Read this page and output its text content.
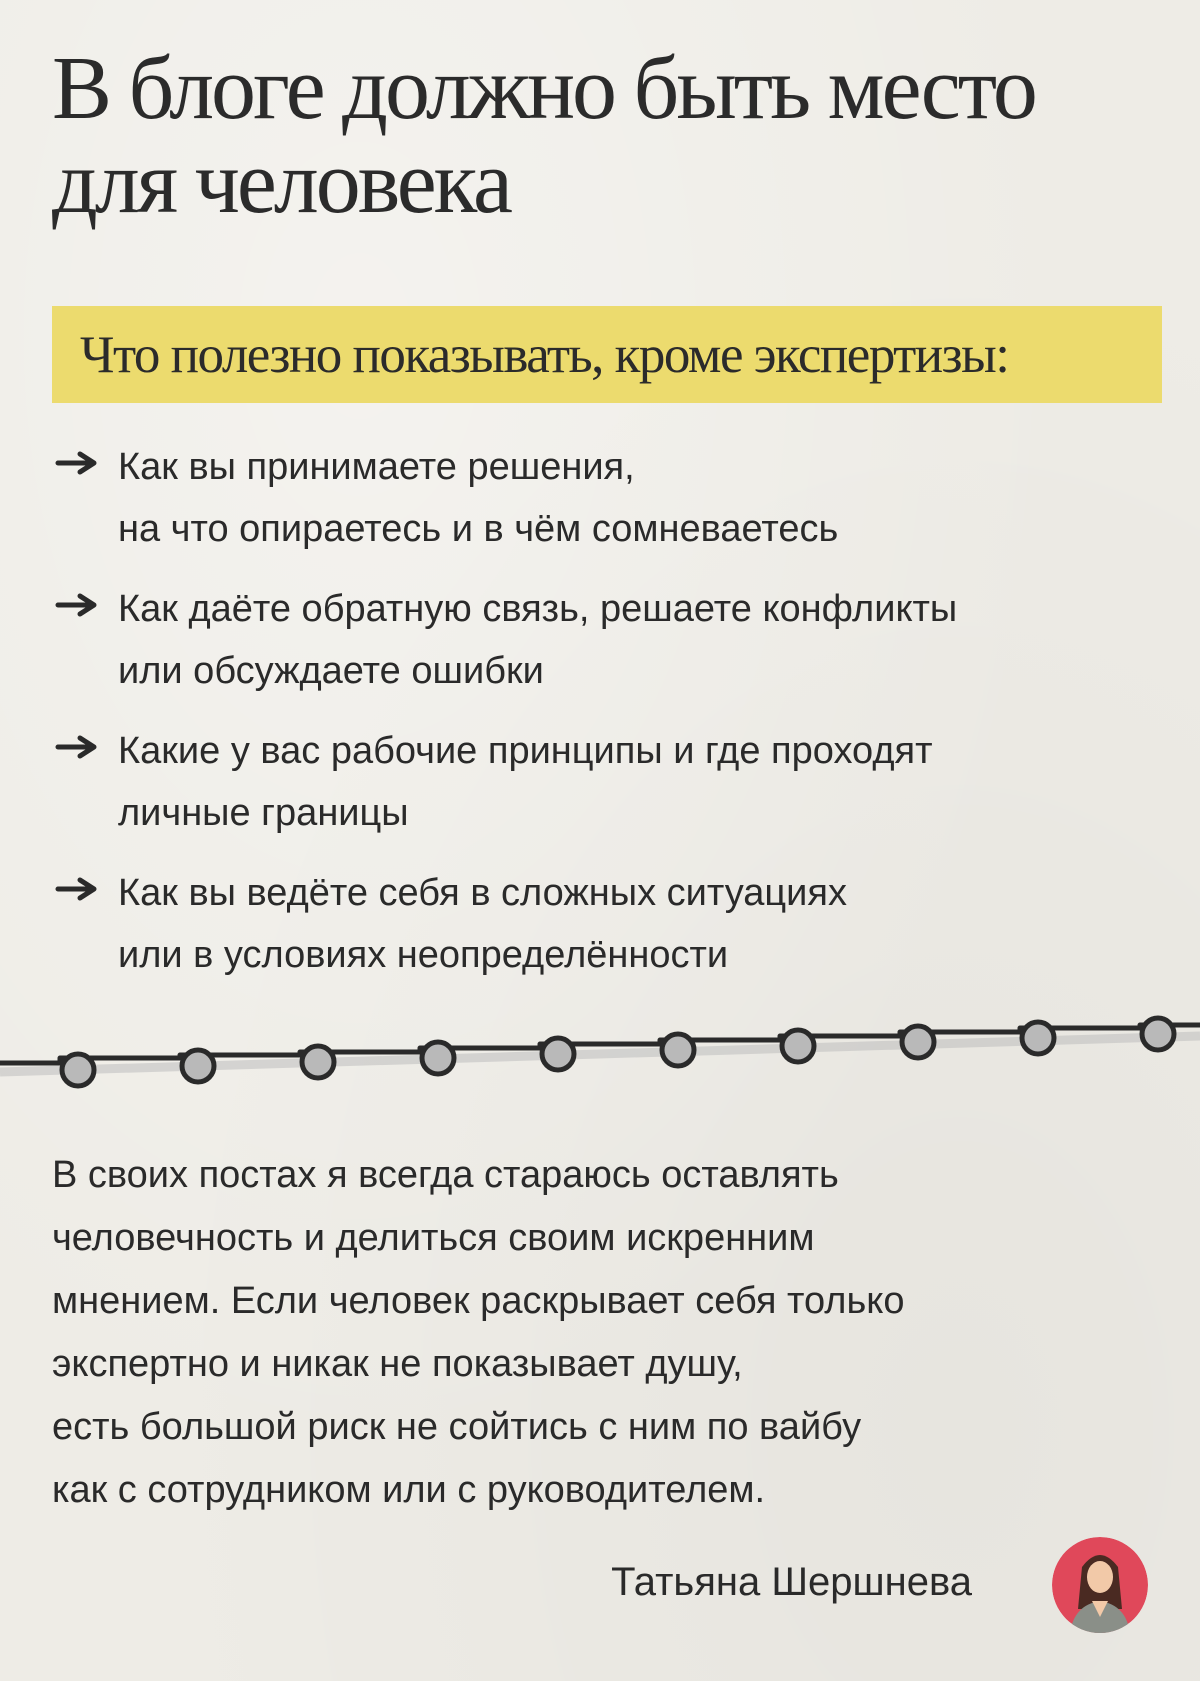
В блоге должно быть место для человека
Что полезно показывать, кроме экспертизы:
Как вы принимаете решения,
на что опираетесь и в чём сомневаетесь
Как даёте обратную связь, решаете конфликты
или обсуждаете ошибки
Какие у вас рабочие принципы и где проходят
личные границы
Как вы ведёте себя в сложных ситуациях
или в условиях неопределённости

В своих постах я всегда стараюсь оставлять
человечность и делиться своим искренним
мнением. Если человек раскрывает себя только
экспертно и никак не показывает душу,
есть большой риск не сойтись с ним по вайбу
как с сотрудником или с руководителем.

Татьяна Шершнева
